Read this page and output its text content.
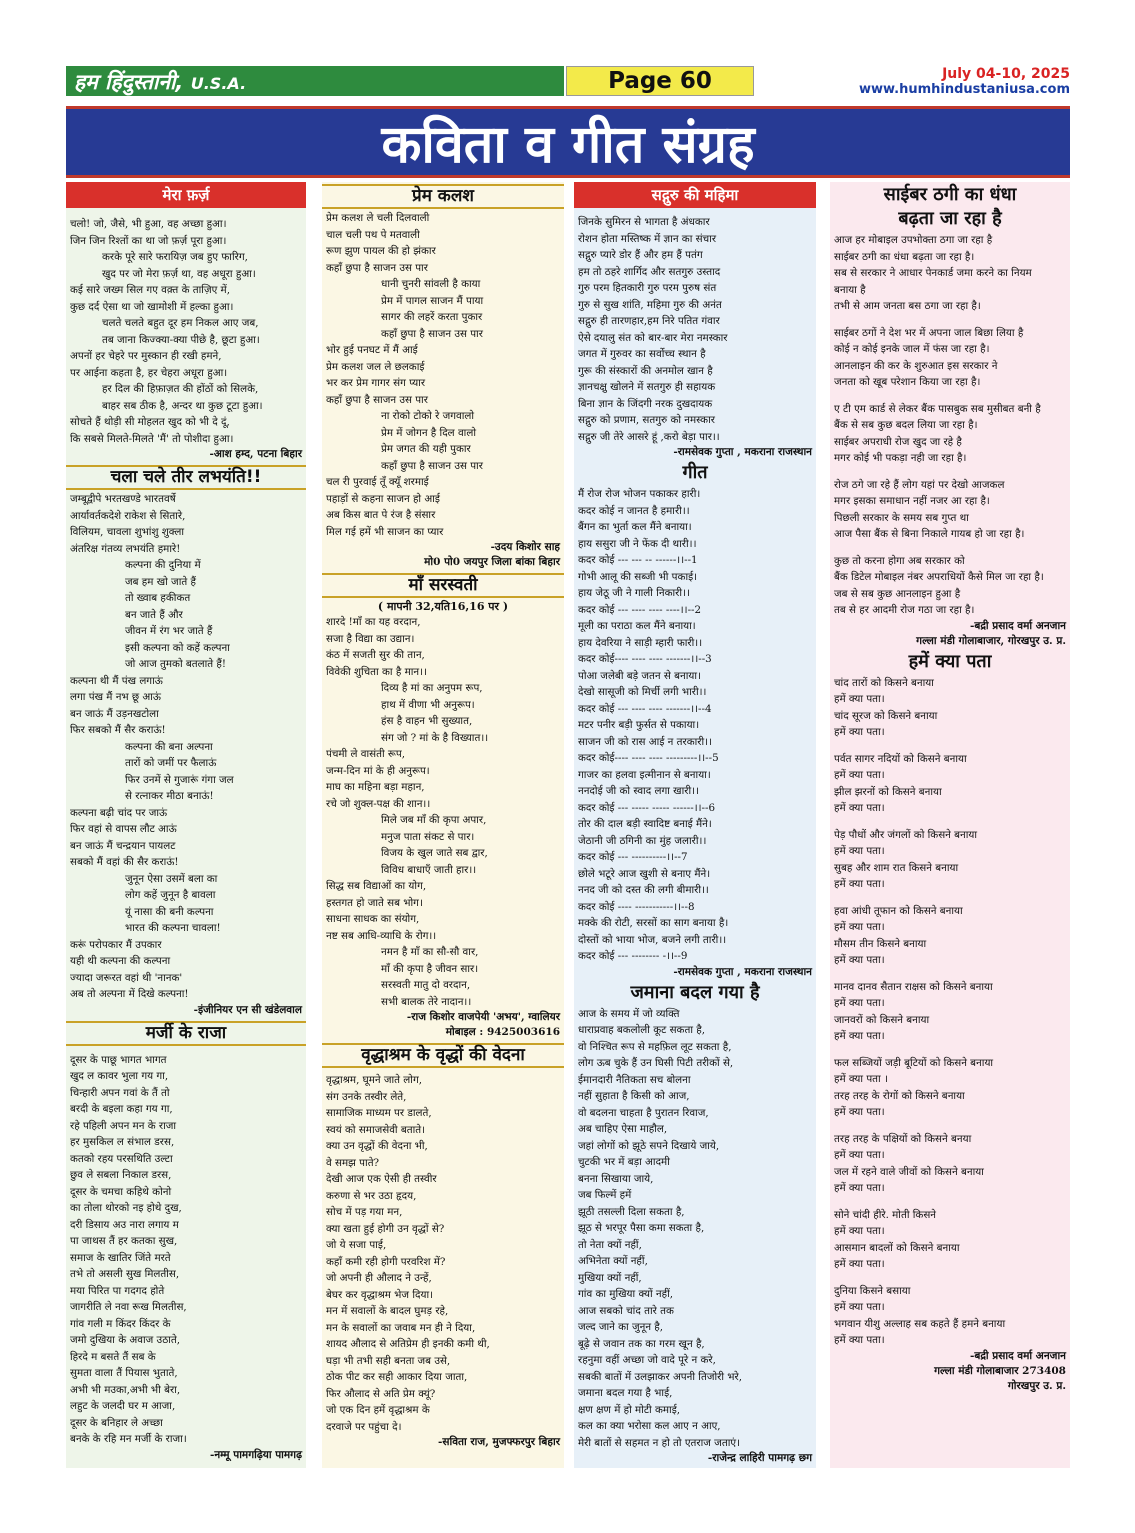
हम हिंदुस्तानी, U.S.A.	Page 60	July 04-10, 2025
www.humhindustaniusa.com
कविता व गीत संग्रह
मेरा फ़र्ज़
चलो! जो, जैसे, भी हुआ, वह अच्छा हुआ।
जिन जिन रिश्तों का था जो फ़र्ज़ पूरा हुआ।
करके पूरे सारे फरायिज़ जब हुए फारिग,
खुद पर जो मेरा फ़र्ज़ था, वह अधूरा हुआ।
कई सारे जख्म सिल गए वक़्त के ताज़िए में,
कुछ दर्द ऐसा था जो खामोशी में हल्का हुआ।
चलते चलते बहुत दूर हम निकल आए जब,
तब जाना किज्क्या-क्या पीछे है, छूटा हुआ।
अपनों हर चेहरे पर मुस्कान ही रखी हमने,
पर आईना कहता है, हर चेहरा अधूरा हुआ।
हर दिल की हिफ़ाज़त की होंठों को सिलके,
बाहर सब ठीक है, अन्दर था कुछ टूटा हुआ।
सोचते हैं थोड़ी सी मोहलत खुद को भी दे दूं,
कि सबसे मिलते-मिलते 'मैं' तो पोशीदा हुआ।
-आश हम्द, पटना बिहार
चला चले तीर लभयंति!!
जम्बूद्वीपे भरतखण्डे भारतवर्षे
आर्यावर्तकदेशे राकेश से सितारे,
विलियम, चावला शुभांशु शुक्ला
अंतरिक्ष गंतव्य लभयंति हमारे!
कल्पना की दुनिया में
जब हम खो जाते हैं
तो ख्वाब हकीकत
बन जाते हैं और
जीवन में रंग भर जाते हैं
इसी कल्पना को कहें कल्पना
जो आज तुमको बतलाते हैं!
कल्पना थी मैं पंख लगाऊं
लगा पंख मैं नभ छू आऊं
बन जाऊं मैं उड़नखटोला
फिर सबको मैं सैर कराऊं!
कल्पना की बना अल्पना
तारों को जमीं पर फैलाऊं
फिर उनमें से गुजारूं गंगा जल
से रत्नाकर मीठा बनाऊं!
कल्पना बढ़ी चांद पर जाऊं
फिर वहां से वापस लौट आऊं
बन जाऊं मैं चन्द्रयान पायलट
सबको मैं वहां की सैर कराऊं!
जुनून ऐसा उसमें बला का
लोग कहें जुनून है बावला
यूं नासा की बनी कल्पना
भारत की कल्पना चावला!
करूं परोपकार मैं उपकार
यही थी कल्पना की कल्पना
ज्यादा जरूरत वहां थी 'नानक'
अब तो अल्पना में दिखे कल्पना!
-इंजीनियर एन सी खंडेलवाल
मर्जी के राजा
दूसर के पाछू भागत भागत
खुद ल कावर भुला गय गा,
चिन्हारी अपन गवां के तैं तो
बरदी के बइला कहा गय गा,
रहे पहिली अपन मन के राजा
हर मुसकिल ल संभाल डरस,
कतको रहय परसथिति उल्टा
छुव ले सबला निकाल डरस,
दूसर के चमचा कहिथे कोनो
का तोला थोरको नइ होथे दुख,
दरी डिसाय अउ नारा लगाय म
पा जाथस तैं हर कतका सुख,
समाज के खातिर जिंते मरते
तभे तो असली सुख मिलतीस,
मया पिरित पा गदगद होते
जागरीति ले नवा रूख मिलतीस,
गांव गली म किंदर किंदर के
जमो दुखिया के अवाज उठाते,
हिरदे म बसते तैं सब के
सुमता वाला तैं पियास भुताते,
अभी भी मउका,अभी भी बेरा,
लहुट के जलदी घर म आजा,
दूसर के बनिहार ले अच्छा
बनके के रहि मन मर्जी के राजा।
-नम्मू पामगढ़िया पामगढ़
प्रेम कलश
प्रेम कलश ले चली दिलवाली
चाल चली पथ पे मतवाली
रूण झुण पायल की हो झंकार
कहाँ छुपा है साजन उस पार
धानी चुनरी सांवली है काया
प्रेम में पागल साजन मैं पाया
सागर की लहरें करता पुकार
कहाँ छुपा है साजन उस पार
भोर हुई पनघट में मैं आई
प्रेम कलश जल ले छलकाई
भर कर प्रेम गागर संग प्यार
कहाँ छुपा है साजन उस पार
ना रोको टोको रे जगवालो
प्रेम में जोगन है दिल वालो
प्रेम जगत की यही पुकार
कहाँ छुपा है साजन उस पार
चल री पुरवाई तूँ क्यूँ शरमाई
पहाड़ों से कहना साजन हो आई
अब किस बात पे रंज है संसार
मिल गई हमें भी साजन का प्यार
-उदय किशोर साह
मो0 पो0 जयपुर जिला बांका बिहार
माँ सरस्वती
( मापनी 32,यति16,16 पर )
शारदे !माँ का यह वरदान,
सजा है विद्या का उद्यान।
कंठ में सजती सुर की तान,
विवेकी शुचिता का है मान।।
दिव्य है मां का अनुपम रूप,
हाथ में वीणा भी अनुरूप।
हंस है वाहन भी सुख्यात,
संग जो ? मां के है विख्यात।।
पंचमी ले वासंती रूप,
जन्म-दिन मां के ही अनुरूप।
माघ का महिना बड़ा महान,
रचे जो शुक्ल-पक्ष की शान।।
मिले जब माँ की कृपा अपार,
मनुज पाता संकट से पार।
विजय के खुल जाते सब द्वार,
विविध बाधाएँ जाती हार।।
सिद्ध सब विद्याओं का योग,
हस्तगत हो जाते सब भोग।
साधना साधक का संयोग,
नष्ट सब आधि-व्याधि के रोग।।
नमन है माँ का सौ-सौ वार,
माँ की कृपा है जीवन सार।
सरस्वती मातु दो वरदान,
सभी बालक तेरे नादान।।
-राज किशोर वाजपेयी 'अभय', ग्वालियर
मोबाइल : 9425003616
वृद्धाश्रम के वृद्धों की वेदना
वृद्धाश्रम, घूमने जाते लोग,
संग उनके तस्वीर लेते,
सामाजिक माध्यम पर डालते,
स्वयं को समाजसेवी बताते।
क्या उन वृद्धों की वेदना भी,
वे समझ पाते?
देखी आज एक ऐसी ही तस्वीर
करुणा से भर उठा हृदय,
सोच में पड़ गया मन,
क्या खता हुई होगी उन वृद्धों से?
जो ये सजा पाई,
कहाँ कमी रही होगी परवरिश में?
जो अपनी ही औलाद ने उन्हें,
बेघर कर वृद्धाश्रम भेज दिया।
मन में सवालों के बादल घुमड़ रहे,
मन के सवालों का जवाब मन ही ने दिया,
शायद औलाद से अतिप्रेम ही इनकी कमी थी,
घड़ा भी तभी सही बनता जब उसे,
ठोक पीट कर सही आकार दिया जाता,
फिर औलाद से अति प्रेम क्यूं?
जो एक दिन हमें वृद्धाश्रम के
दरवाजे पर पहुंचा दे।
-सविता राज, मुजफ्फरपुर बिहार
सद्गुरु की महिमा
जिनके सुमिरन से भागता है अंधकार
रोशन होता मस्तिष्क में ज्ञान का संचार
सद्गुरु प्यारे डोर हैं और हम हैं पतंग
हम तो ठहरे शार्गिद और सतगुरु उस्ताद
गुरु परम हितकारी गुरु परम पुरुष संत
गुरु से सुख शांति, महिमा गुरु की अनंत
सद्गुरु ही तारणहार,हम निरे पतित गंवार
ऐसे दयालु संत को बार-बार मेरा नमस्कार
जगत में गुरुवर का सर्वोच्च स्थान है
गुरू की संस्कारों की अनमोल खान है
ज्ञानचक्षु खोलने में सतगुरु ही सहायक
बिना ज्ञान के जिंदगी नरक दुखदायक
सद्गुरु को प्रणाम, सतगुरु को नमस्कार
सद्गुरु जी तेरे आसरे हूं ,करो बेड़ा पार।।
-रामसेवक गुप्ता , मकराना राजस्थान
गीत
मैं रोज रोज भोजन पकाकर हारी।
कदर कोई न जानत है हमारी।।
बैंगन का भुर्ता कल मैंने बनाया।
हाय ससुरा जी ने फेंक दी थारी।।
कदर कोई --- --- -- ------।।--1
गोभी आलू की सब्जी भी पकाई।
हाय जेठू जी ने गाली निकारी।।
कदर कोई --- ---- ---- ----।।--2
मूली का पराठा कल मैंने बनाया।
हाय देवरिया ने साड़ी म्हारी फारी।।
कदर कोई---- ---- ---- -------।।--3
पोआ जलेबी बड़े जतन से बनाया।
देखो सासूजी को मिर्ची लगी भारी।।
कदर कोई --- ---- ---- -------।।--4
मटर पनीर बड़ी फुर्सत से पकाया।
साजन जी को रास आई न तरकारी।।
कदर कोई---- ---- ---- ---------।।--5
गाजर का हलवा इत्मीनान से बनाया।
ननदोई जी को स्वाद लगा खारी।।
कदर कोई --- ----- ----- ------।।--6
तोर की दाल बड़ी स्वादिष्ट बनाई मैंने।
जेठानी जी ठगिनी का मुंह जलारी।।
कदर कोई --- ----------।।--7
छोले भटूरे आज खुशी से बनाए मैंने।
ननद जी को दस्त की लगी बीमारी।।
कदर कोई ---- -----------।।--8
मक्के की रोटी, सरसों का साग बनाया है।
दोस्तों को भाया भोज, बजने लगी तारी।।
कदर कोई --- -------- -।।--9
-रामसेवक गुप्ता , मकराना राजस्थान
जमाना बदल गया है
आज के समय में जो व्यक्ति
धाराप्रवाह बकलोली कूट सकता है,
वो निश्चित रूप से महफ़िल लूट सकता है,
लोग ऊब चुके हैं उन घिसी पिटी तरीकों से,
ईमानदारी नैतिकता सच बोलना
नहीं सुहाता है किसी को आज,
वो बदलना चाहता है पुरातन रिवाज,
अब चाहिए ऐसा माहौल,
जहां लोगों को झूठे सपने दिखाये जाये,
चुटकी भर में बड़ा आदमी
बनना सिखाया जाये,
जब फिल्में हमें
झूठी तसल्ली दिला सकता है,
झूठ से भरपूर पैसा कमा सकता है,
तो नेता क्यों नहीं,
अभिनेता क्यों नहीं,
मुखिया क्यों नहीं,
गांव का मुखिया क्यों नहीं,
आज सबको चांद तारे तक
जल्द जाने का जुनून है,
बूढ़े से जवान तक का गरम खून है,
रहनुमा वहीं अच्छा जो वादे पूरे न करे,
सबकी बातों में उलझाकर अपनी तिजोरी भरे,
जमाना बदल गया है भाई,
क्षण क्षण में हो मोटी कमाई,
कल का क्या भरोसा कल आए न आए,
मेरी बातों से सहमत न हो तो एतराज जताएं।
-राजेन्द्र लाहिरी पामगढ़ छग
साईबर ठगी का धंधा
बढ़ता जा रहा है
आज हर मोबाइल उपभोक्ता ठगा जा रहा है
साईबर ठगी का धंधा बढ़ता जा रहा है।
सब से सरकार ने आधार पेनकार्ड जमा करने का नियम
बनाया है
तभी से आम जनता बस ठगा जा रहा है।
साईबर ठगों ने देश भर में अपना जाल बिछा लिया है
कोई न कोई इनके जाल में फंस जा रहा है।
आनलाइन की कर के शुरुआत इस सरकार ने
जनता को खूब परेशान किया जा रहा है।
ए टी एम कार्ड से लेकर बैंक पासबुक सब मुसीबत बनी है
बैंक से सब कुछ बदल लिया जा रहा है।
साईबर अपराधी रोज खुद जा रहे है
मगर कोई भी पकड़ा नही जा रहा है।
रोज ठगे जा रहे हैं लोग यहां पर देखो आजकल
मगर इसका समाधान नहीं नजर आ रहा है।
पिछली सरकार के समय सब गुप्त था
आज पैसा बैंक से बिना निकाले गायब हो जा रहा है।
कुछ तो करना होगा अब सरकार को
बैंक डिटेल मोबाइल नंबर अपराधियों कैसे मिल जा रहा है।
जब से सब कुछ आनलाइन हुआ है
तब से हर आदमी रोज गठा जा रहा है।
-बद्री प्रसाद वर्मा अनजान
गल्ला मंडी गोलाबाजार, गोरखपुर उ. प्र.
हमें क्या पता
चांद तारों को किसने बनाया
हमें क्या पता।
चांद सूरज को किसने बनाया
हमें क्या पता।
पर्वत सागर नदियों को किसने बनाया
हमें क्या पता।
झील झरनों को किसने बनाया
हमें क्या पता।
पेड़ पौधों और जंगलों को किसने बनाया
हमें क्या पता।
सुबह और शाम रात किसने बनाया
हमें क्या पता।
हवा आंधी तूफान को किसने बनाया
हमें क्या पता।
मौसम तीन किसने बनाया
हमें क्या पता।
मानव दानव सैतान राक्षस को किसने बनाया
हमें क्या पता।
जानवरों को किसने बनाया
हमें क्या पता।
फल सब्जियों जड़ी बूटियों को किसने बनाया
हमें क्या पता ।
तरह तरह के रोगों को किसने बनाया
हमें क्या पता।
तरह तरह के पक्षियों को किसने बनया
हमें क्या पता।
जल में रहने वाले जीवों को किसने बनाया
हमें क्या पता।
सोने चांदी हीरे. मोती किसने
हमें क्या पता।
आसमान बादलों को किसने बनाया
हमें क्या पता।
दुनिया किसने बसाया
हमें क्या पता।
भगवान यीशु अल्लाह सब कहते हैं हमने बनाया
हमें क्या पता।
-बद्री प्रसाद वर्मा अनजान
गल्ला मंडी गोलाबाजार 273408
गोरखपुर उ. प्र.
